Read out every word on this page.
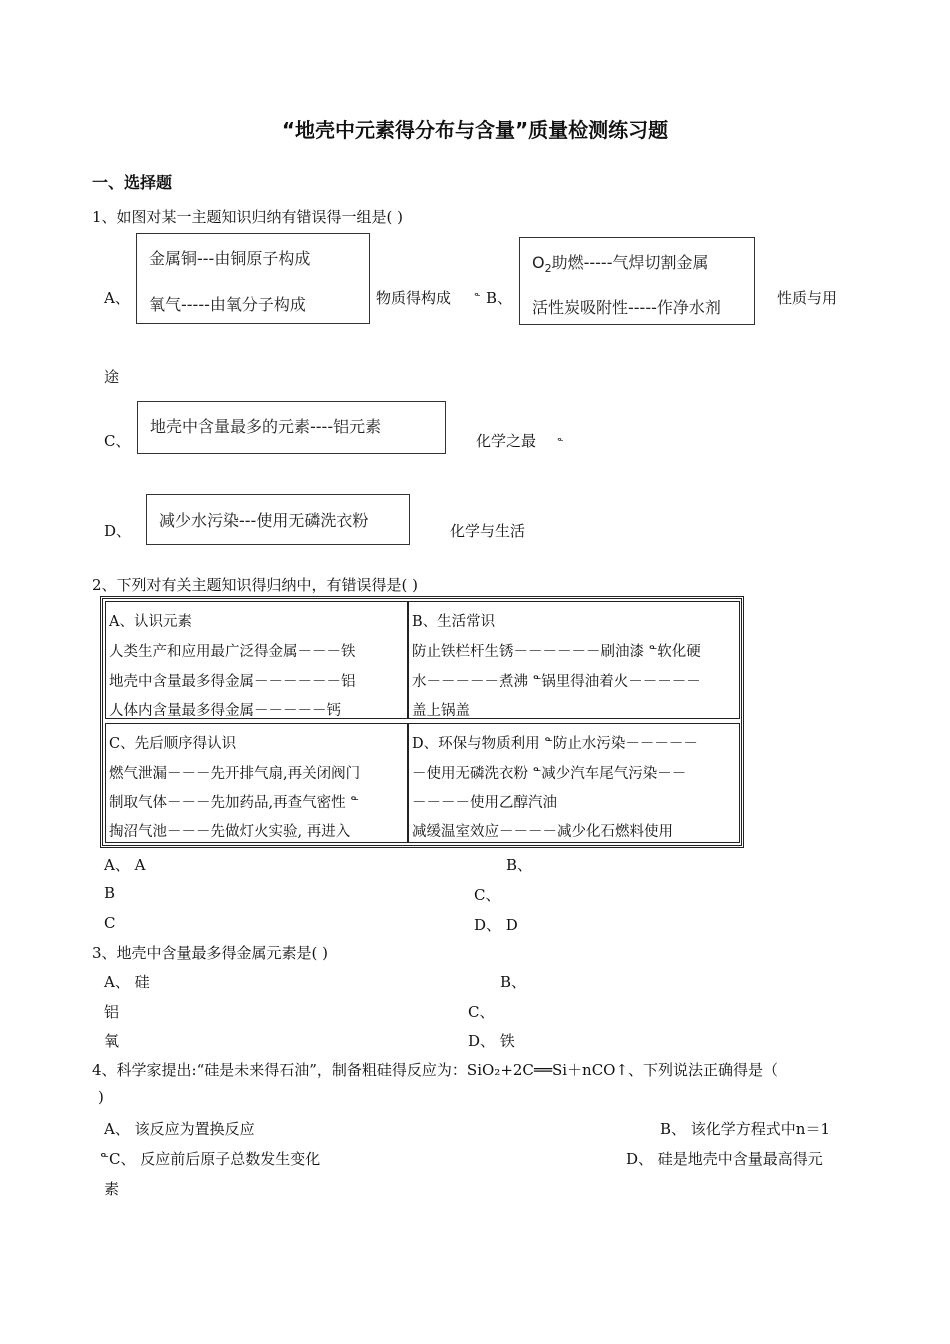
“地壳中元素得分布与含量”质量检测练习题
一、选择题
1、如图对某一主题知识归纳有错误得一组是( )
A、
金属铜---由铜原子构成
氧气-----由氧分子构成	物质得构成 ᓐ B、
$O_2$助燃-----气焊切割金属
活性炭吸附性-----作净水剂	性质与用
途
C、
地壳中含量最多的元素----铝元素
化学之最 ᓐ
D、
减少水污染---使用无磷洗衣粉
化学与生活
2、下列对有关主题知识得归纳中，有错误得是( )
A、认识元素
人类生产和应用最广泛得金属－－－铁
地壳中含量最多得金属－－－－－－铝
人体内含量最多得金属－－－－－钙
B、生活常识
防止铁栏杆生锈－－－－－－刷油漆 ᓐ软化硬
水－－－－－煮沸 ᓐ锅里得油着火－－－－－
盖上锅盖
C、先后顺序得认识
燃气泄漏－－－先开排气扇,再关闭阀门
制取气体－－－先加药品,再查气密性 ᓐ
掏沼气池－－－先做灯火实验, 再进入
D、环保与物质利用 ᓐ防止水污染－－－－－
－使用无磷洗衣粉 ᓐ减少汽车尾气污染－－
－－－－使用乙醇汽油
减缓温室效应－－－－减少化石燃料使用
A、 A	B、
B	C、
C	D、 D
3、地壳中含量最多得金属元素是( )
A、 硅	B、
铝	C、
氧	D、 铁
4、科学家提出:“硅是未来得石油”，制备粗硅得反应为：SiO₂+2C══Si＋nCO↑、下列说法正确得是（
)
A、 该反应为置换反应	B、 该化学方程式中n＝1
ᓐC、 反应前后原子总数发生变化	D、 硅是地壳中含量最高得元
素
